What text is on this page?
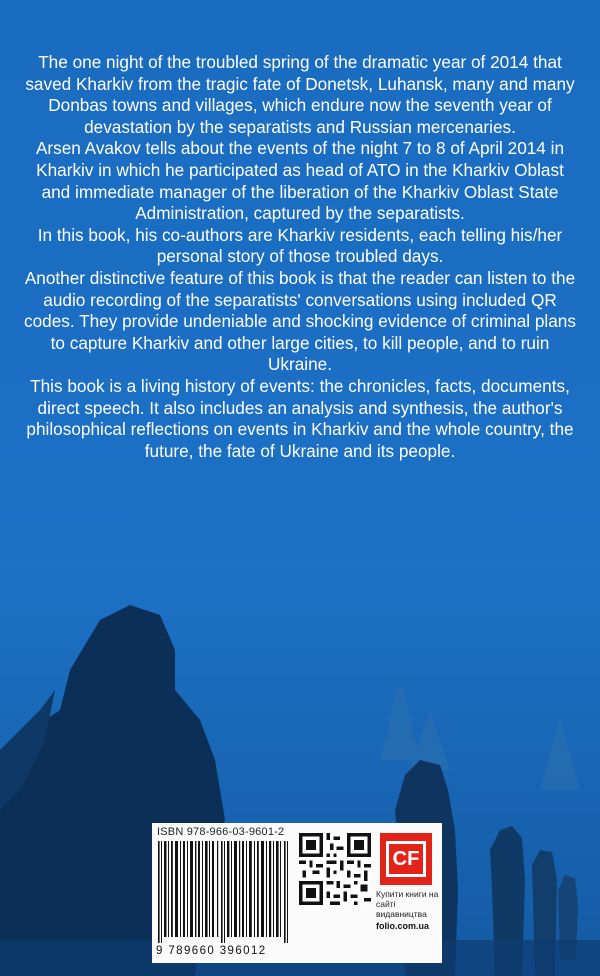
The one night of the troubled spring of the dramatic year of 2014 that saved Kharkiv from the tragic fate of Donetsk, Luhansk, many and many Donbas towns and villages, which endure now the seventh year of devastation by the separatists and Russian mercenaries.

Arsen Avakov tells about the events of the night 7 to 8 of April 2014 in Kharkiv in which he participated as head of ATO in the Kharkiv Oblast and immediate manager of the liberation of the Kharkiv Oblast State Administration, captured by the separatists.

In this book, his co-authors are Kharkiv residents, each telling his/her personal story of those troubled days.

Another distinctive feature of this book is that the reader can listen to the audio recording of the separatists' conversations using included QR codes. They provide undeniable and shocking evidence of criminal plans to capture Kharkiv and other large cities, to kill people, and to ruin Ukraine.

This book is a living history of events: the chronicles, facts, documents, direct speech. It also includes an analysis and synthesis, the author's philosophical reflections on events in Kharkiv and the whole country, the future, the fate of Ukraine and its people.

ISBN 978-966-03-9601-2
9 789660 396012
CF
Купити книги на сайті видавництва
folio.com.ua
